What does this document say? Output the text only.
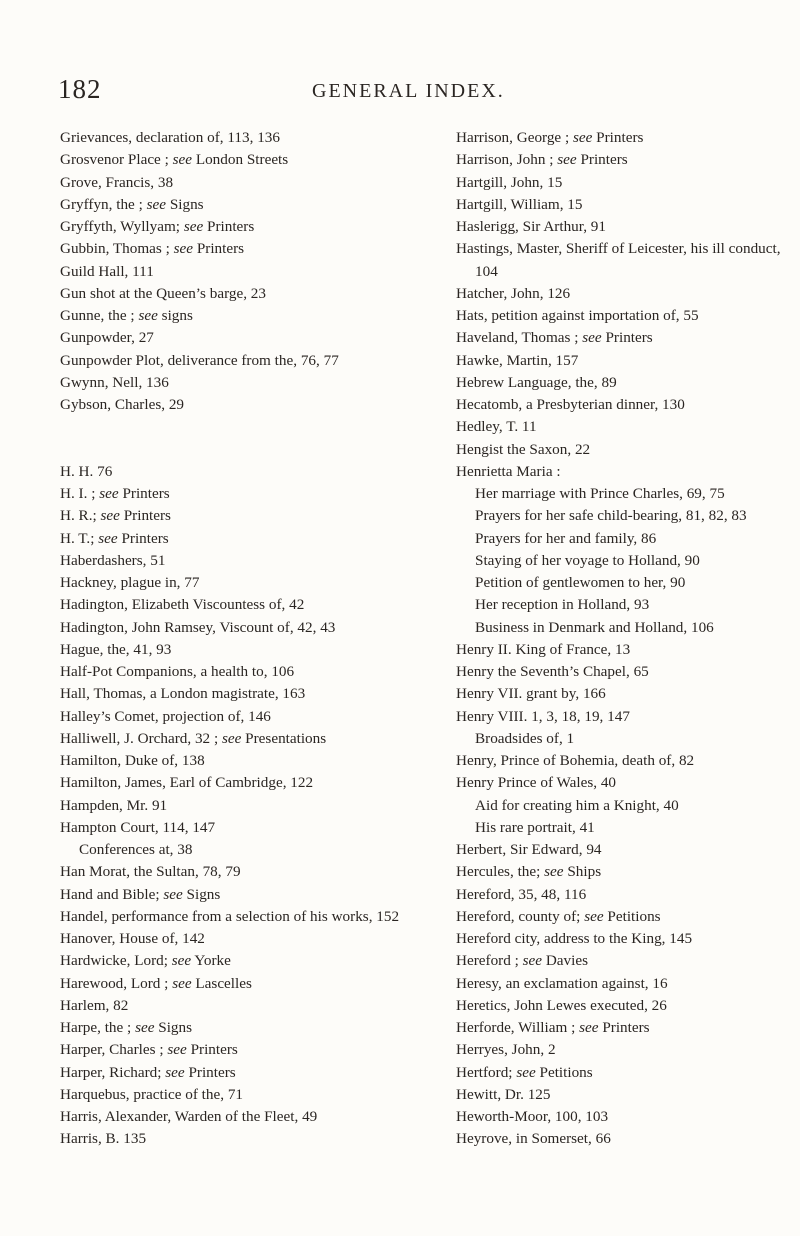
182	GENERAL INDEX.
Grievances, declaration of, 113, 136
Grosvenor Place ; see London Streets
Grove, Francis, 38
Gryffyn, the ; see Signs
Gryffyth, Wyllyam; see Printers
Gubbin, Thomas ; see Printers
Guild Hall, 111
Gun shot at the Queen’s barge, 23
Gunne, the ; see signs
Gunpowder, 27
Gunpowder Plot, deliverance from the, 76, 77
Gwynn, Nell, 136
Gybson, Charles, 29
H. H. 76
H. I. ; see Printers
H. R.; see Printers
H. T.; see Printers
Haberdashers, 51
Hackney, plague in, 77
Hadington, Elizabeth Viscountess of, 42
Hadington, John Ramsey, Viscount of, 42, 43
Hague, the, 41, 93
Half-Pot Companions, a health to, 106
Hall, Thomas, a London magistrate, 163
Halley’s Comet, projection of, 146
Halliwell, J. Orchard, 32 ; see Presentations
Hamilton, Duke of, 138
Hamilton, James, Earl of Cambridge, 122
Hampden, Mr. 91
Hampton Court, 114, 147
Conferences at, 38
Han Morat, the Sultan, 78, 79
Hand and Bible; see Signs
Handel, performance from a selection of his works, 152
Hanover, House of, 142
Hardwicke, Lord; see Yorke
Harewood, Lord ; see Lascelles
Harlem, 82
Harpe, the ; see Signs
Harper, Charles ; see Printers
Harper, Richard; see Printers
Harquebus, practice of the, 71
Harris, Alexander, Warden of the Fleet, 49
Harris, B. 135
Harrison, George ; see Printers
Harrison, John ; see Printers
Hartgill, John, 15
Hartgill, William, 15
Haslerigg, Sir Arthur, 91
Hastings, Master, Sheriff of Leicester, his ill conduct, 104
Hatcher, John, 126
Hats, petition against importation of, 55
Haveland, Thomas ; see Printers
Hawke, Martin, 157
Hebrew Language, the, 89
Hecatomb, a Presbyterian dinner, 130
Hedley, T. 11
Hengist the Saxon, 22
Henrietta Maria :
Her marriage with Prince Charles, 69, 75
Prayers for her safe child-bearing, 81, 82, 83
Prayers for her and family, 86
Staying of her voyage to Holland, 90
Petition of gentlewomen to her, 90
Her reception in Holland, 93
Business in Denmark and Holland, 106
Henry II. King of France, 13
Henry the Seventh’s Chapel, 65
Henry VII. grant by, 166
Henry VIII. 1, 3, 18, 19, 147
Broadsides of, 1
Henry, Prince of Bohemia, death of, 82
Henry Prince of Wales, 40
Aid for creating him a Knight, 40
His rare portrait, 41
Herbert, Sir Edward, 94
Hercules, the; see Ships
Hereford, 35, 48, 116
Hereford, county of; see Petitions
Hereford city, address to the King, 145
Hereford ; see Davies
Heresy, an exclamation against, 16
Heretics, John Lewes executed, 26
Herforde, William ; see Printers
Herryes, John, 2
Hertford; see Petitions
Hewitt, Dr. 125
Heworth-Moor, 100, 103
Heyrove, in Somerset, 66
